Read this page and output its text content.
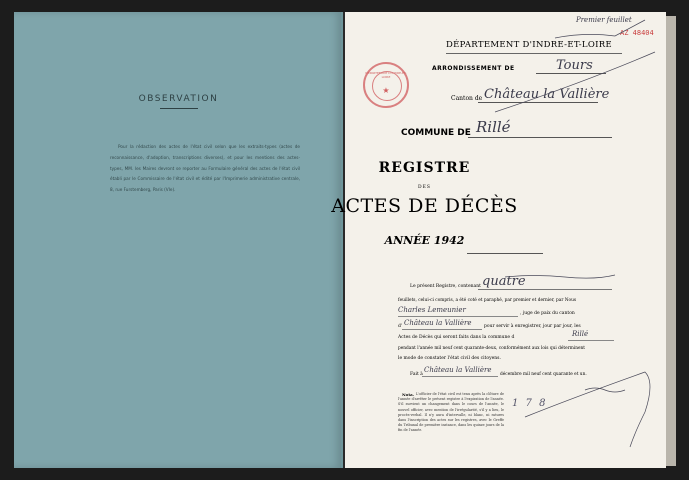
OBSERVATION
Pour la rédaction des actes de l'état civil selon que les extraits-types (actes de reconnaissance, d'adoption, transcriptions diverses), et pour les mentions des actes-types, MM. les Maires devront se reporter au Formulaire général des actes de l'état civil établi par le Commissaire de l'état civil et édité par l'Imprimerie administrative centrale, 8, rue Furstemberg, Paris (VIe).
Premier feuillet
AZ 48404
DÉPARTEMENT D'INDRE-ET-LOIRE
★
DÉPARTEMENT D'INDRE-ET-LOIRE
ARRONDISSEMENT DE	Tours
Canton de Château la Vallière
COMMUNE DE Rillé
REGISTRE
DES
ACTES DE DÉCÈS
ANNÉE 1942
Le présent Registre, contenant quatre
feuillets, celui-ci compris, a été coté et paraphé, par premier et dernier, par Nous
Charles Lemeunier	, juge de paix du canton
d' Château la Vallière	pour servir à enregistrer, jour par jour, les
Actes de Décès qui seront faits dans la commune d	Rillé
pendant l'année mil neuf cent quarante-deux, conformément aux lois qui déterminent
le mode de constater l'état civil des citoyens.
Fait à
Château la Vallière
décembre mil neuf cent quarante et un.
Nota. L'officier de l'état civil est tenu après la clôture de l'année d'arrêter le présent registre à l'expiration de l'année. S'il survient un changement dans le cours de l'année, le nouvel officier, avec mention de l'irrégularité, s'il y a lieu, le procès-verbal. Il n'y aura d'intervalle, ni blanc, ni ratures dans l'inscription des actes sur les registres, avec le Greffe du Tribunal de première instance, dans les quinze jours de la fin de l'année.
1 7 8
